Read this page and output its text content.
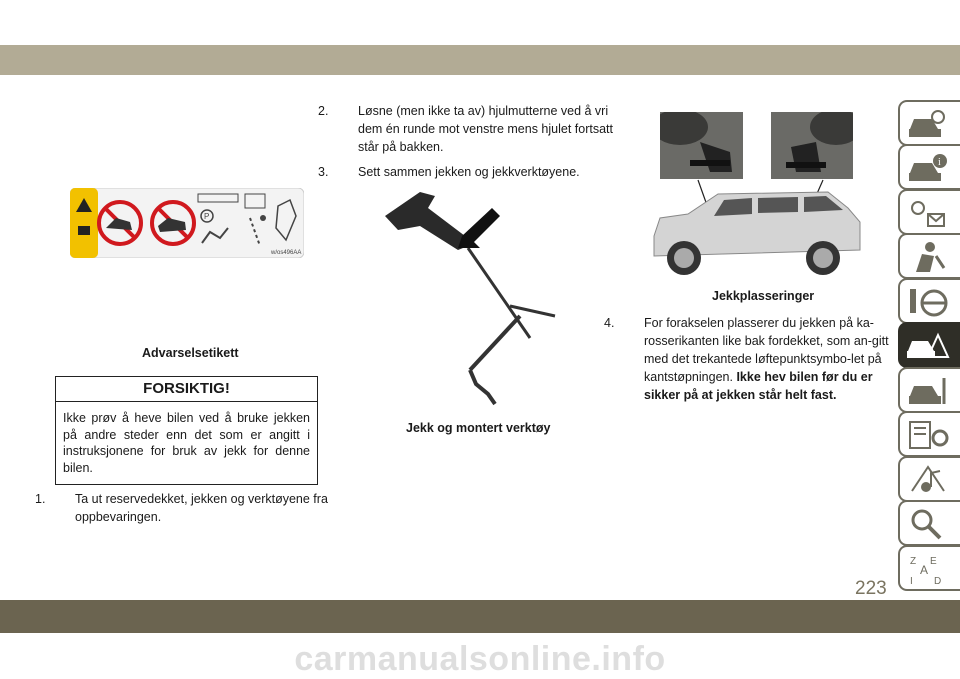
P
w/os496AA
Advarselsetikett
FORSIKTIG!
Ikke prøv å heve bilen ved å bruke jekken på andre steder enn det som er angitt i instruksjonene for bruk av jekk for denne bilen.
1. Ta ut reservedekket, jekken og verktøyene fra oppbevaringen.
2. Løsne (men ikke ta av) hjulmutterne ved å vri dem én runde mot venstre mens hjulet fortsatt står på bakken.
3. Sett sammen jekken og jekkverktøyene.
Jekk og montert verktøy
Jekkplasseringer
4. For forakselen plasserer du jekken på ka-rosserikanten like bak fordekket, som an-gitt med det trekantede løftepunktsymbo-let på kantstøpningen. Ikke hev bilen før du er sikker på at jekken står helt fast.
i
Z E
A
I D
223
carmanualsonline.info
